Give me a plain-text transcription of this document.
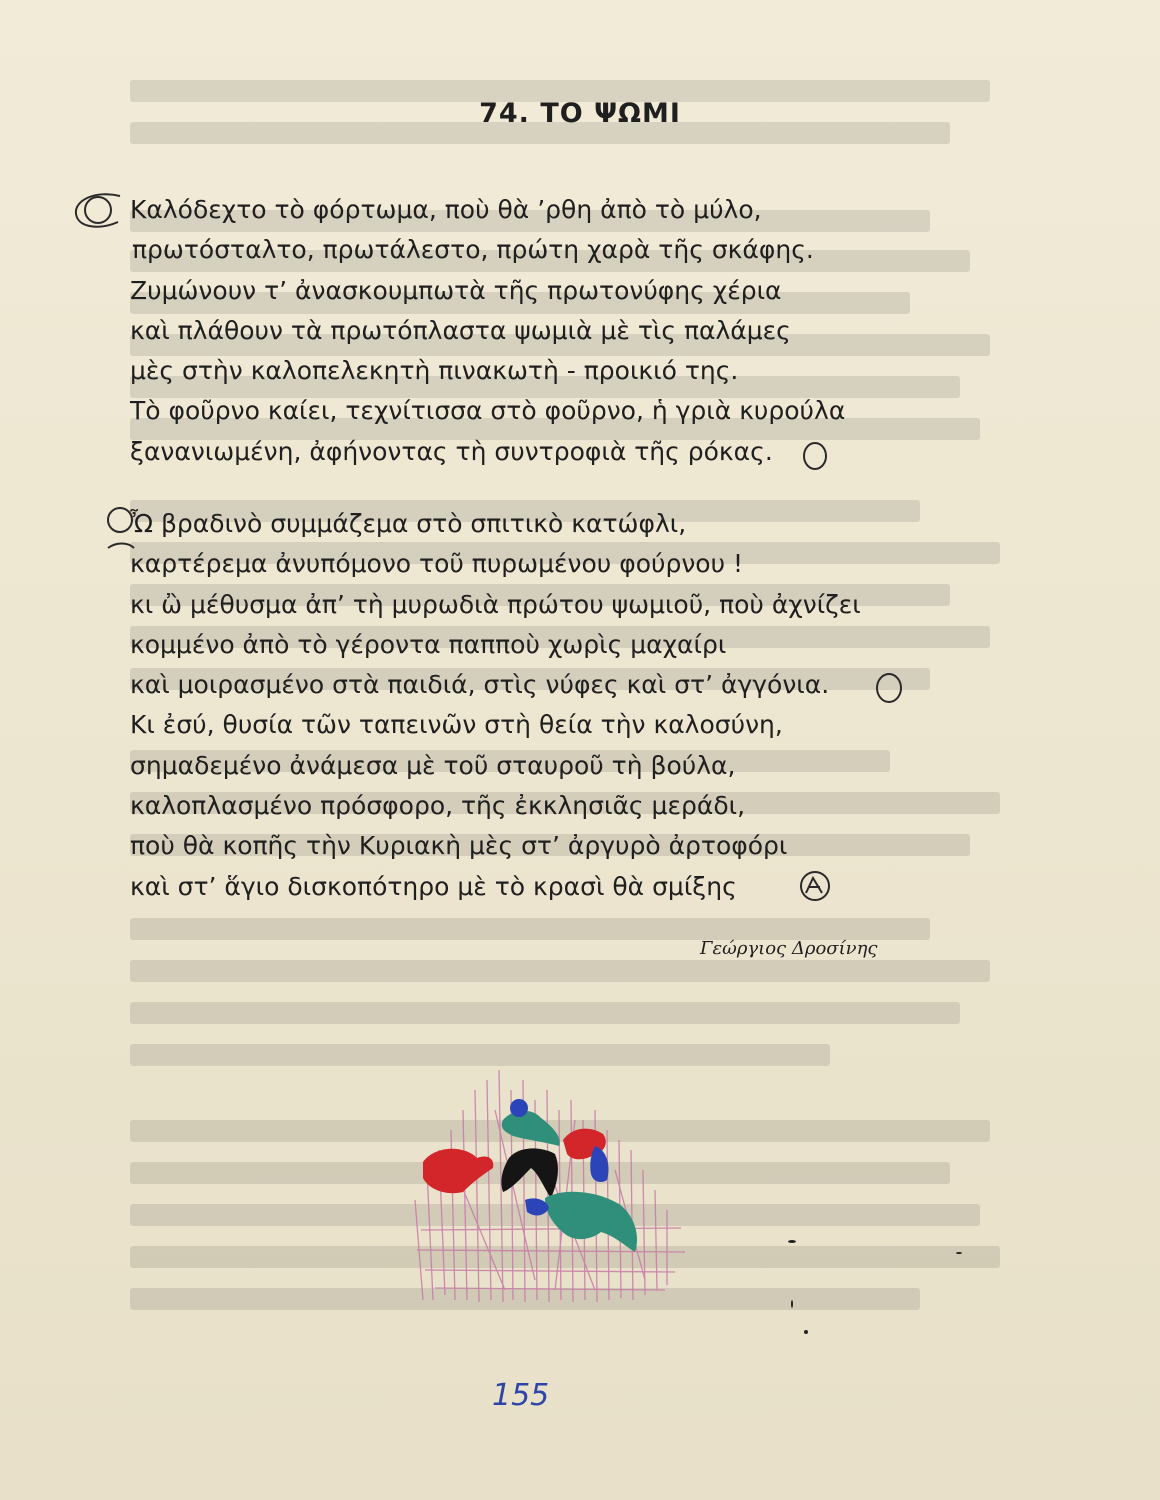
74. ΤΟ ΨΩΜΙ
Καλόδεχτο τὸ φόρτωμα, ποὺ θὰ ’ρθη ἀπὸ τὸ μύλο,
πρωτόσταλτο, πρωτάλεστο, πρώτη χαρὰ τῆς σκάφης.
Ζυμώνουν τ’ ἀνασκουμπωτὰ τῆς πρωτονύφης χέρια
καὶ πλάθουν τὰ πρωτόπλαστα ψωμιὰ μὲ τὶς παλάμες
μὲς στὴν καλοπελεκητὴ πινακωτὴ - προικιό της.
Τὸ φοῦρνο καίει, τεχνίτισσα στὸ φοῦρνο, ἡ γριὰ κυρούλα
ξανανιωμένη, ἀφήνοντας τὴ συντροφιὰ τῆς ρόκας.
Ὦ βραδινὸ συμμάζεμα στὸ σπιτικὸ κατώφλι,
καρτέρεμα ἀνυπόμονο τοῦ πυρωμένου φούρνου !
κι ὢ μέθυσμα ἀπ’ τὴ μυρωδιὰ πρώτου ψωμιοῦ, ποὺ ἀχνίζει
κομμένο ἀπὸ τὸ γέροντα παπποὺ χωρὶς μαχαίρι
καὶ μοιρασμένο στὰ παιδιά, στὶς νύφες καὶ στ’ ἀγγόνια.
Κι ἐσύ, θυσία τῶν ταπεινῶν στὴ θεία τὴν καλοσύνη,
σημαδεμένο ἀνάμεσα μὲ τοῦ σταυροῦ τὴ βούλα,
καλοπλασμένο πρόσφορο, τῆς ἐκκλησιᾶς μεράδι,
ποὺ θὰ κοπῆς τὴν Κυριακὴ μὲς στ’ ἀργυρὸ ἀρτοφόρι
καὶ στ’ ἅγιο δισκοπότηρο μὲ τὸ κρασὶ θὰ σμίξης
Γεώργιος Δροσίνης
155
